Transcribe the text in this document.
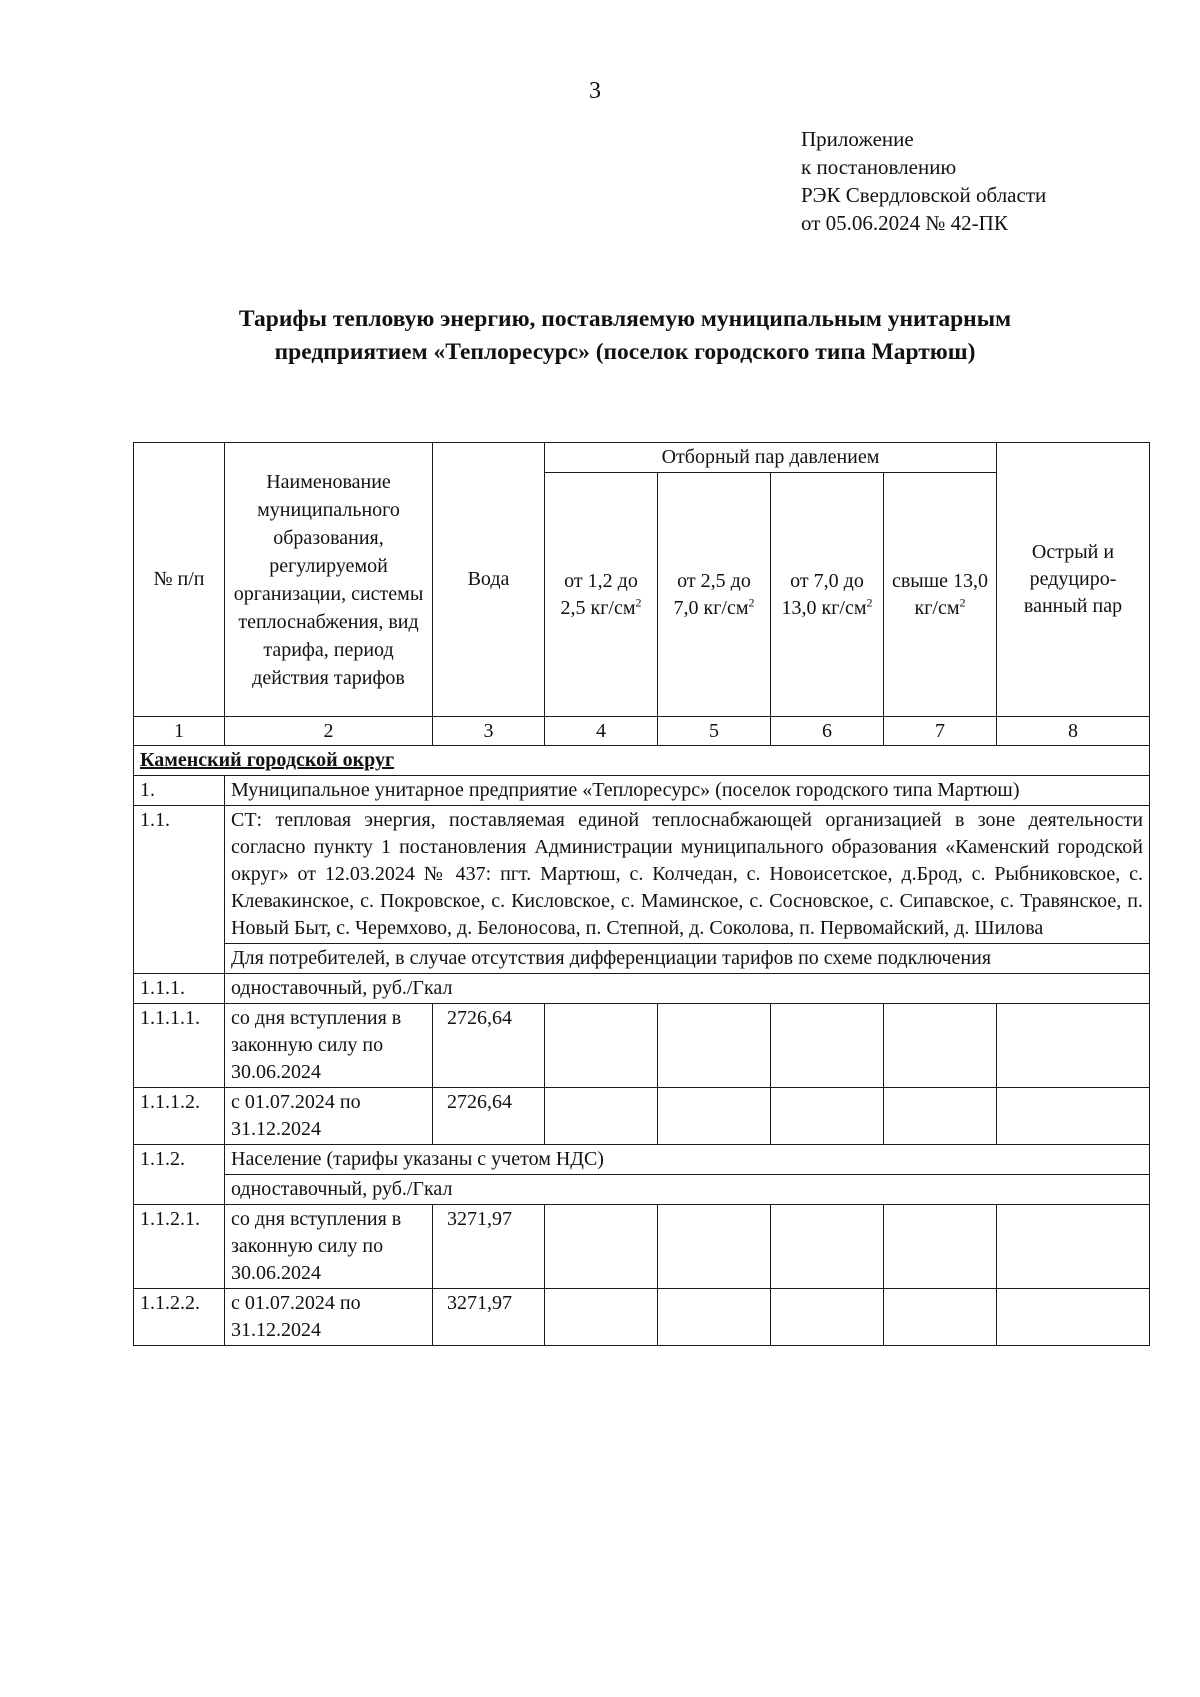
3
Приложение
к постановлению
РЭК Свердловской области
от 05.06.2024 № 42-ПК
Тарифы тепловую энергию, поставляемую муниципальным унитарным
предприятием «Теплоресурс» (поселок городского типа Мартюш)
№ п/п	Наименование муниципального образования, регулируемой организации, системы теплоснабжения, вид тарифа, период действия тарифов	Вода	Отборный пар давлением				Острый и редуциро-ванный пар
			от 1,2 до 2,5 $кг/см^2$	от 2,5 до 7,0 $кг/см^2$	от 7,0 до 13,0 $кг/см^2$	свыше 13,0 $кг/см^2$
1	2	3	4	5	6	7	8
Каменский городской округ							
1.	Муниципальное унитарное предприятие «Теплоресурс» (поселок городского типа Мартюш)						
1.1.	СТ: тепловая энергия, поставляемая единой теплоснабжающей организацией в зоне деятельности согласно пункту 1 постановления Администрации муниципального образования «Каменский городской округ» от 12.03.2024 № 437: пгт. Мартюш, с. Колчедан, с. Новоисетское, д.Брод, с. Рыбниковское, с. Клевакинское, с. Покровское, с. Кисловское, с. Маминское, с. Сосновское, с. Сипавское, с. Травянское, п. Новый Быт, с. Черемхово, д. Белоносова, п. Степной, д. Соколова, п. Первомайский, д. Шилова						
	Для потребителей, в случае отсутствия дифференциации тарифов по схеме подключения						
1.1.1.	одноставочный, руб./Гкал						
1.1.1.1.	со дня вступления в законную силу по 30.06.2024	2726,64					
1.1.1.2.	с 01.07.2024 по 31.12.2024	2726,64					
1.1.2.	Население (тарифы указаны с учетом НДС)						
	одноставочный, руб./Гкал						
1.1.2.1.	со дня вступления в законную силу по 30.06.2024	3271,97					
1.1.2.2.	с 01.07.2024 по 31.12.2024	3271,97					
